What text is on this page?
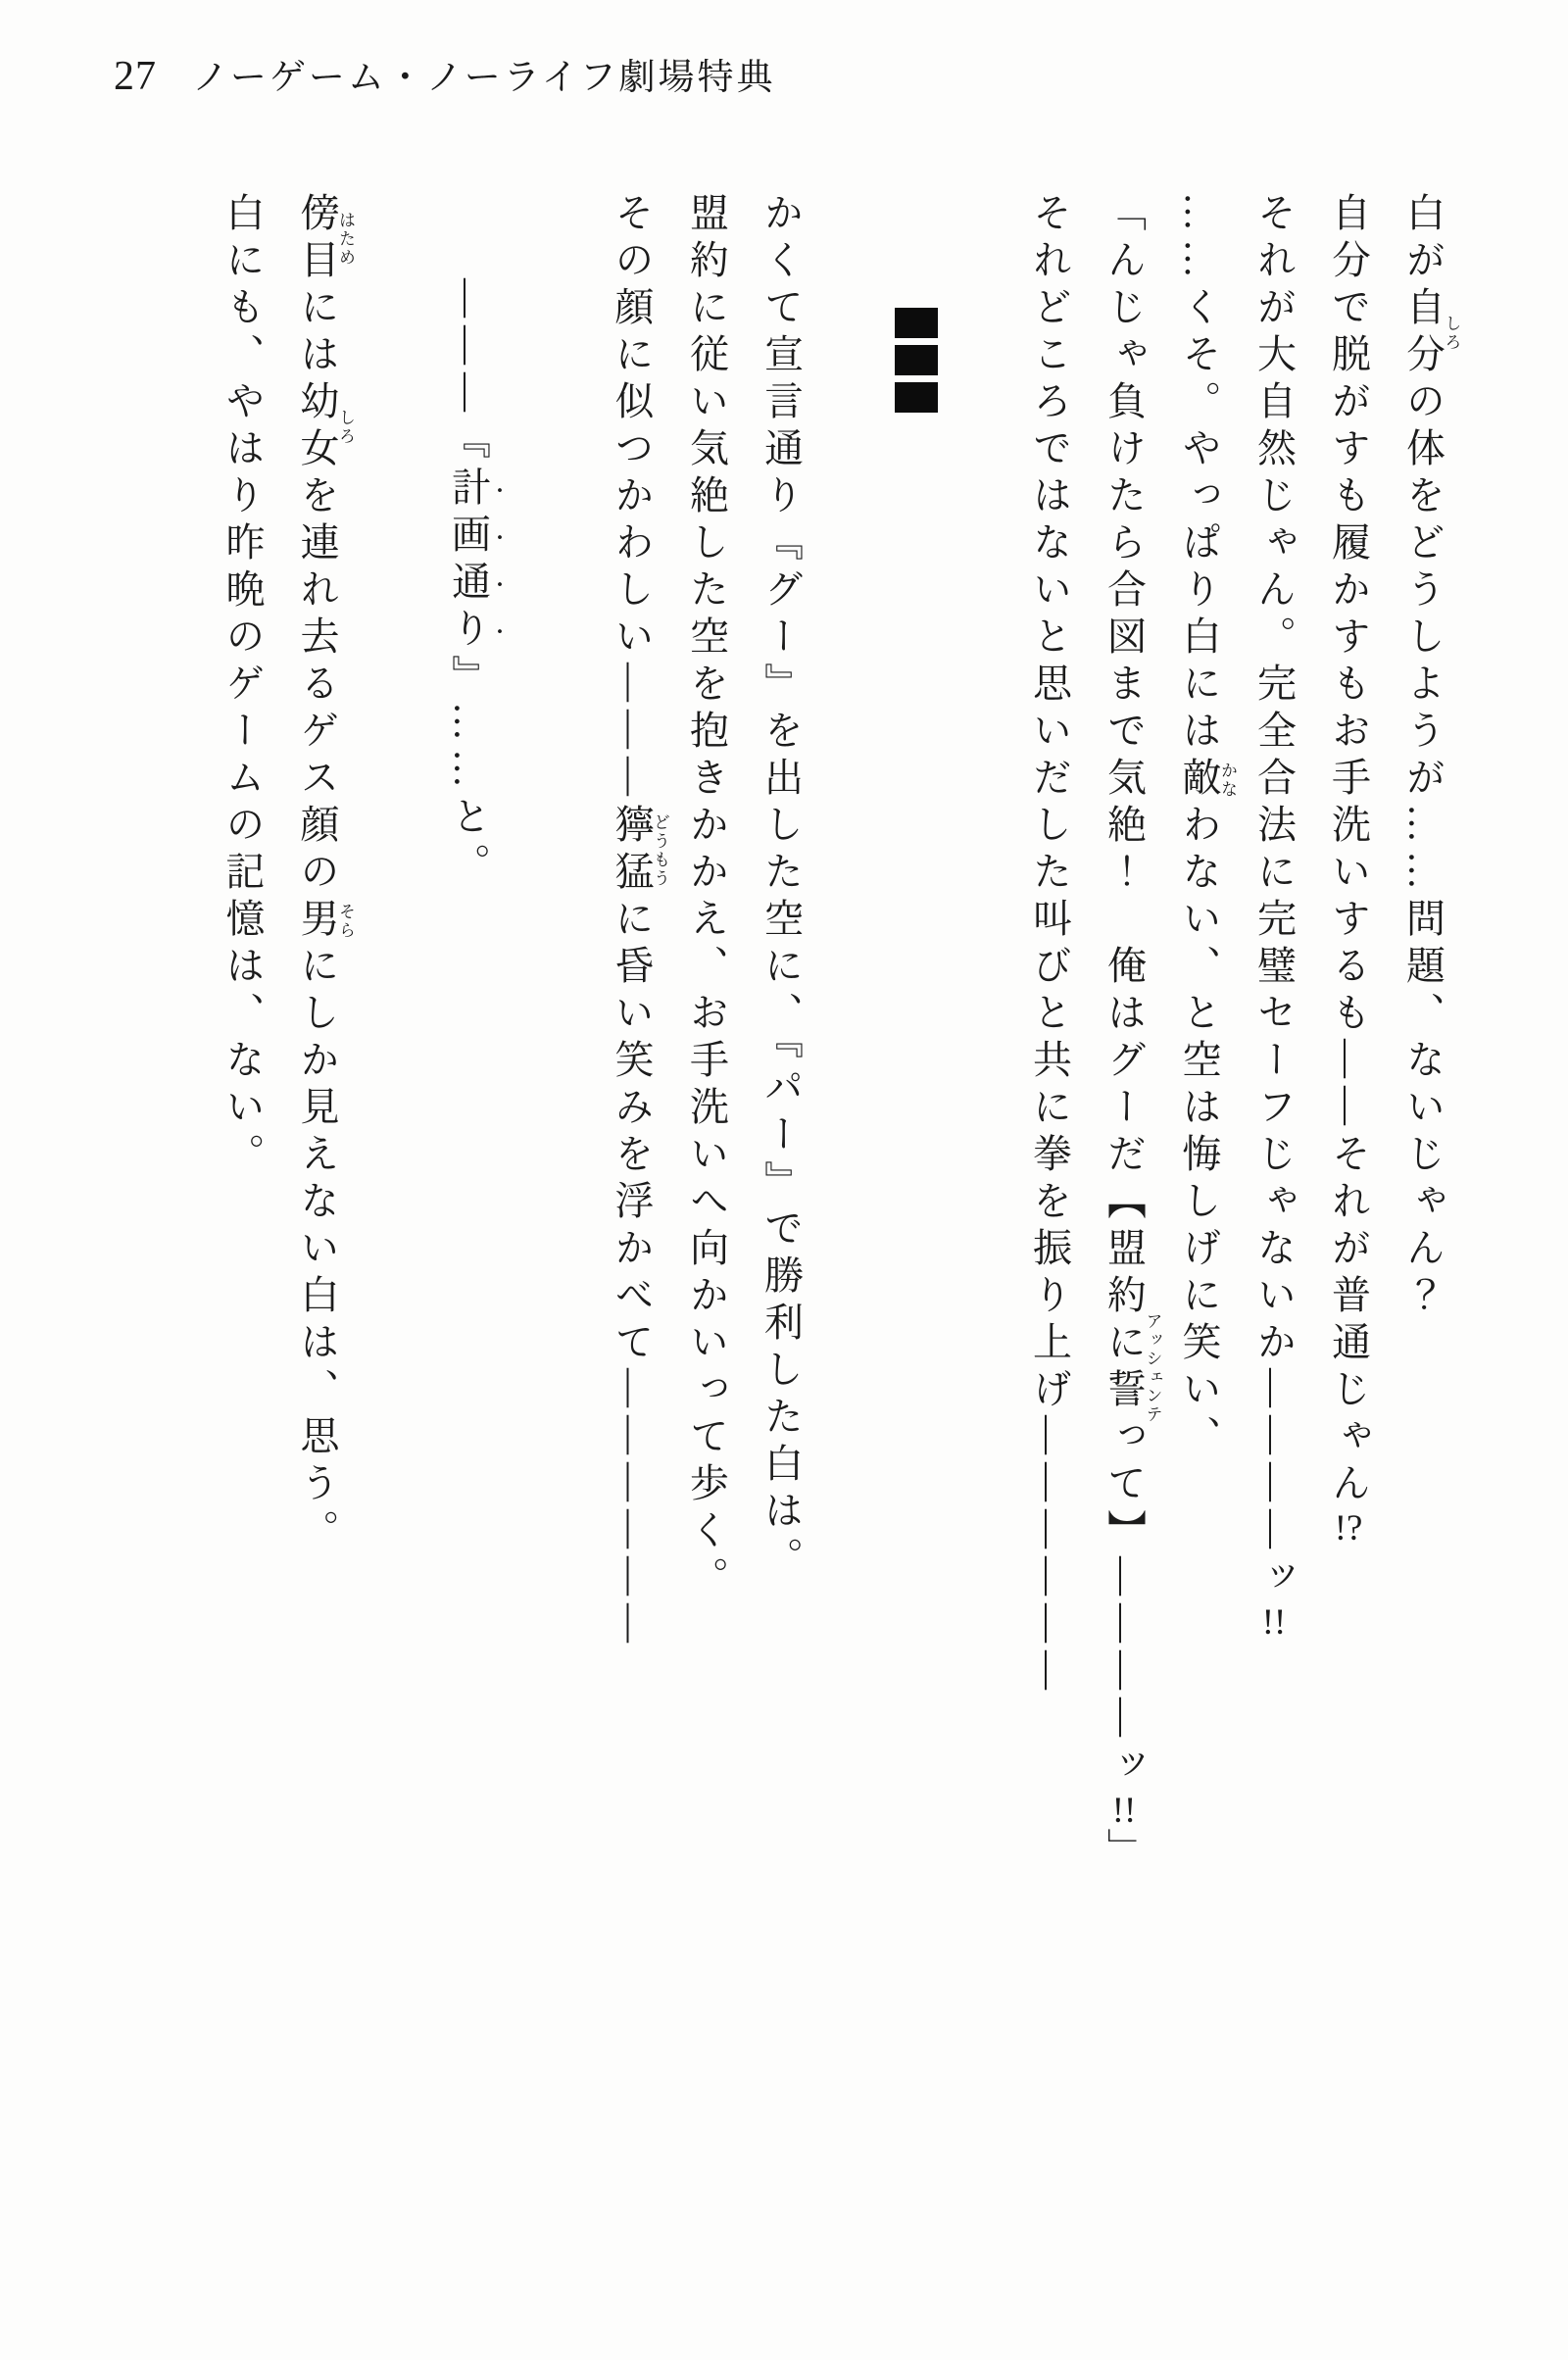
27 ノーゲーム・ノーライフ劇場特典
白が自分しろの体をどうしようが……問題、ないじゃん？
自分で脱がすも履かすもお手洗いするも――それが普通じゃん!?
それが大自然じゃん。完全合法に完璧セーフじゃないか――――ッ!!
……くそ。やっぱり白には敵かなわない、と空は悔しげに笑い、
「んじゃ負けたら合図まで気絶！　俺はグーだ【盟約に誓ってアッシェンテ】――――ッ!!」
それどころではないと思いだした叫びと共に拳を振り上げ――――――
かくて宣言通り『グー』を出した空に、『パー』で勝利した白は。
盟約に従い気絶した空を抱きかかえ、お手洗いへ向かいって歩く。
その顔に似つかわしい―――獰猛どうもうに昏い笑みを浮かべて――――――
―――『計・画・通・り・』……と。
傍目はためには幼女しろを連れ去るゲス顔の男そらにしか見えない白は、思う。
白にも、やはり昨晩のゲームの記憶は、ない。
